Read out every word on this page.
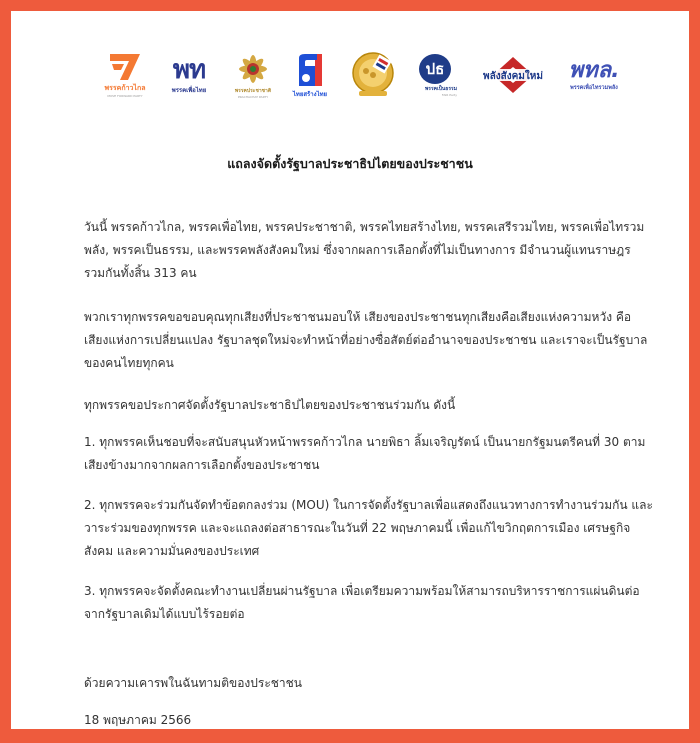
พรรคก้าวไกล
MOVE FORWARD PARTY
พท
พรรคเพื่อไทย	พรรคประชาชาติ
PRACHACHAT PARTY	ไทยสร้างไทย
ปธ
พรรคเป็นธรรม
FAIR Party
พลังสังคมใหม่ พทล.
พรรคเพื่อไทรวมพลัง
แถลงจัดตั้งรัฐบาลประชาธิปไตยของประชาชน
วันนี้ พรรคก้าวไกล, พรรคเพื่อไทย, พรรคประชาชาติ, พรรคไทยสร้างไทย, พรรคเสรีรวมไทย, พรรคเพื่อไทรวม
พลัง, พรรคเป็นธรรม, และพรรคพลังสังคมใหม่ ซึ่งจากผลการเลือกตั้งที่ไม่เป็นทางการ มีจำนวนผู้แทนราษฎร
รวมกันทั้งสิ้น 313 คน
พวกเราทุกพรรคขอขอบคุณทุกเสียงที่ประชาชนมอบให้ เสียงของประชาชนทุกเสียงคือเสียงแห่งความหวัง คือ
เสียงแห่งการเปลี่ยนแปลง รัฐบาลชุดใหม่จะทำหน้าที่อย่างซื่อสัตย์ต่ออำนาจของประชาชน และเราจะเป็นรัฐบาล
ของคนไทยทุกคน
ทุกพรรคขอประกาศจัดตั้งรัฐบาลประชาธิปไตยของประชาชนร่วมกัน ดังนี้
1. ทุกพรรคเห็นชอบที่จะสนับสนุนหัวหน้าพรรคก้าวไกล นายพิธา ลิ้มเจริญรัตน์ เป็นนายกรัฐมนตรีคนที่ 30 ตาม
เสียงข้างมากจากผลการเลือกตั้งของประชาชน
2. ทุกพรรคจะร่วมกันจัดทำข้อตกลงร่วม (MOU) ในการจัดตั้งรัฐบาลเพื่อแสดงถึงแนวทางการทำงานร่วมกัน และ
วาระร่วมของทุกพรรค และจะแถลงต่อสาธารณะในวันที่ 22 พฤษภาคมนี้ เพื่อแก้ไขวิกฤตการเมือง เศรษฐกิจ
สังคม และความมั่นคงของประเทศ
3. ทุกพรรคจะจัดตั้งคณะทำงานเปลี่ยนผ่านรัฐบาล เพื่อเตรียมความพร้อมให้สามารถบริหารราชการแผ่นดินต่อ
จากรัฐบาลเดิมได้แบบไร้รอยต่อ
ด้วยความเคารพในฉันทามติของประชาชน
18 พฤษภาคม 2566
